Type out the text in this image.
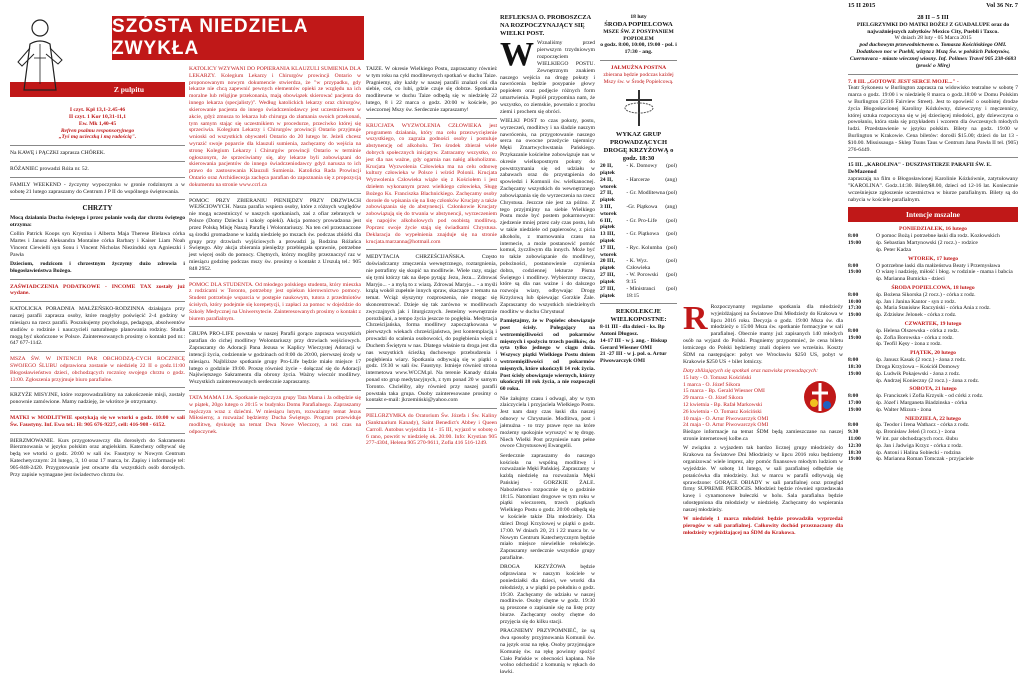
SZÓSTA NIEDZIELA ZWYKŁA
Z pulpitu
I czyt. Kpł 13,1-2.45-46
II czyt. 1 Kor 10,31-11,1
Ew. Mk 1,40-45
Refren psalmu responsoryjnego
„Tyś mą ucieczką i mą radością".

Na KAWĘ i PĄCZKI zaprasza CHÓREK.

RÓŻANIEC prowadzi Róża nr. 52.

FAMILY WEEKEND - życzymy wypoczynku w gronie rodzinnym a w sobotę 21 lutego zapraszamy do Centrum J P II do wspólnego świętowania.

CHRZTY

Mocą działania Ducha świętego i przez polanie wodą dar chrztu świętego otrzyma:

Collin Patrick Koops syn Krystina i Alberta Maja Therese Bielawa córka Martes i Janusz Aleksandra Montaine córka Barbary i Kaiser Liam Noah Vincent Ciewielli syn Sonu i Vincent Nicholas Niezindski syn Agnieszki i Pawła

Dzieciom, rodzicom i chrzestnym życzymy dużo zdrowia i błogosławieństwa Bożego.

ZAŚWIADCZENIA PODATKOWE - INCOME TAX zostały już wydane.

KATOLICKA PORADNIA MAŁŻEŃSKO-RODZINNA działająca przy naszej parafii zaprasza osoby, które mogłyby poświęcić 2-4 godziny w miesiącu na rzecz parafii. Poszukujemy psychologa, pedagoga, absolwentów studiów o rodzinie i nauczycieli naturalnego planowania rodziny. Studia mogą być ukończone w Polsce. Zainteresowanych prosimy o kontakt pod nr.: 647 677-1142.

MSZA ŚW. W INTENCJI PAR OBCHODZĄ-CYCH ROCZNICĘ SWOJEGO ŚLUBU odprawiona zostanie w niedzielę 22 II o godz.11:00 Błogosławieństwo dzieci, obchodzących rocznicę swojego chrztu o godz. 13:00. Zgłoszenia przyjmuje biuro parafialne.

KRZYŻE MISYJNE, które rozprowadzaliśmy na zakończenie misji, zostały ponownie zamówione. Mamy nadzieję, że wkrótce je otrzymamy.

MATKI w MODLITWIE spotykają się we wtorki o godz. 10:00 w sali Św. Faustyny. Inf. Ewa tel.: H: 905 676-9227, cell: 416-908 - 6152.

BIERZMOWANIE. Kurs przygotowawczy dla dorosłych do Sakramentu Bierzmowania w języku polskim oraz angielskim. Katechezy odbywać się będą we wtorki o godz. 20:00 w sali św. Faustyny w Nowym Centrum Katechetycznym: 24 lutego, 3, 10 oraz 17 marca, br. Zapisy i informacje tel: 905-848-2420. Przygotowanie jest otwarte dla wszystkich osób dorosłych. Przy zapisie wymagane jest świadectwo chrztu św.

KATOLICY WZYWANI DO POPIERANIA KLAUZULI SUMIENIA DLA LEKARZY. Kolegium Lekarzy i Chirurgów prowincji Ontario w proponowanym nowym dokumencie stwierdza, że "w przypadku, gdy lekarze nie chcą zapewnić pewnych elementów opieki ze względu na ich moralne lub religijne przekonania, mają obowiązek skierować pacjenta do innego lekarza (specjalisty)". Według katolickich lekarzy oraz chirurgów, skierowanie pacjenta do innego świadczeniodawcy jest uczestnictwem w akcie, gdyż zmusza to lekarza lub chirurga do złamania swoich przekonań, tym samym stając się uczestnikiem w procedurze, przeciwko której się sprzeciwia. Kolegium Lekarzy i Chirurgów prowincji Ontario przyjmuje wnioski od wszystkich obywateli Ontario do 20 lutego br. Jeżeli chcesz wyrazić swoje poparcie dla klauzuli sumienia, zachęcamy do wejścia na stronę Kolegium Lekarzy i Chirurgów prowincji Ontario w terminie ogłoszonym, że sprzeciwiamy się, aby lekarze byli zobowiązani do skierowania pacjentów do innego świadczeniodawcy gdyż narusza to ich prawo do zastosowania Klauzuli Sumienia. Katolicka Rada Prowincji Ontario oraz Archidiecezja zachęca parafian do zapoznania się z propozycją dokumentu na stronie www.ccrl.ca

POMOC PRZY ZBIERANIU PIENIĘDZY PRZY DRZWIACH WEJŚCIOWYCH. Nasza parafia wspiera osoby, które z różnych względów nie mogą uczestniczyć w naszych spotkaniach, zaś z ofiar zebranych w Polsce (Domy Dziecka i szkoły opieki). Akcja pomocy prowadzona jest przez Polską Misję Naszą Parafię i Wolontariuszy. Na ten cel przeznaczone są środki gromadzone w każdą niedzielę po mszach św. podczas zbiórki dla grupy przy drzwiach wyjściowych a prowadzi ją Rodzina Różańca Świętego. Aby akcja zbierania pieniędzy przebiegała sprawnie, potrzebne jest więcej osób do pomocy. Chętnych, którzy mogliby przeznaczyć raz w miesiącu godzinę podczas mszy św. prosimy o kontakt z Urszulą tel.: 905 848 2952.

POMOC DLA STUDENTA. Od młodego polskiego studenta, który mieszka z rodzicami w Toronto, potrzebny jest opiekun kierownictwo pomocy. Student potrzebuje wsparcia w postępie naukowym, tutora z przedmiotów ścisłych, który podejmie się korepetycji, i zapłaci za pomoc w dojeździe do Szkoły Medycznej na Uniwersytecie. Zainteresowanych prosimy o kontakt z biurem parafialnym.

GRUPA PRO-LIFE powstała w naszej Parafii gorąco zaprasza wszystkich parafian do cichej modlitwy Wolontariuszy przy drzwiach wejściowych. Zapraszamy do Adoracji Pana Jezusa w Kaplicy Wieczystej Adoracji w intencji życia, codziennie w godzinach od 8:00 do 20:00, pierwszej środy w miesiącu. Najbliższe spotkanie grupy Pro-Life będzie miało miejsce 17 lutego o godzinie 19:00. Proszę również życie - dołączać się do Adoracji Najświętszego Sakramentu dla obrony życia. Ważny wieczór modlitwy. Wszystkich zainteresowanych serdecznie zapraszamy.

TATA MAMA I JA. Spotkanie mężczyzn grupy Tata Mama i Ja odbędzie się w piątek, 20go lutego o 20:15 w budynku Domu Parafialnego. Zapraszamy mężczyzn wraz z dziećmi. W miesiącu lutym, rozważamy temat Jezus Miłosierny, a rozważać będziemy Ducha Świętego. Program przewiduje modlitwę, dyskusję na temat Dwa Nowe Wieczory, a też czas na odpoczynek.

TAIZE. W okresie Wielkiego Postu, zapraszamy również w tym roku na cykl modlitewnych spotkań w duchu Taize. Pragniemy, aby każdy w naszej parafii znalazł coś dla siebie, coś, co lubi, gdzie czuje się dobrze. Spotkania modlitewne w duchu Taize odbędą się w niedzielę 22 lutego, 8 i 22 marca o godz. 20:00 w kościele, po wieczornej Mszy św. Serdecznie zapraszamy!

KRUCJATA WYZWOLENIA CZŁOWIEKA jest programem działania, który ma celu przezwyciężenie wszystkiego, co zagraża godności osoby i postuluje abstynencję od alkoholu. Ten środek zbierał wiele dobrych społecznych inicjatyw. Zatracamy wszystko, co jest dla nas ważne, gdy ogarnia nas nałóg alkoholizmu. Krucjata Wyzwolenia Człowieka ma na celu odnowę kultury człowieka w Polsce i wśród Polonii. Krucjata Wyzwolenia Człowieka wiąże się z Kościołem i jest dziełem wykonanym przez wielkiego człowieka, Sługę Bożego Ks. Franciszka Blachnickiego. Zachęcamy osoby dorosłe do wpisania się na listę członków Krucjaty a także zobowiązania się do abstynencji. Członkowie Krucjaty zobowiązują się do trwania w abstynencji, wyrzeczeniem się napojów alkoholowych pod osobistą modlitwą. Poprzez swoje życie stają się świadkami Chrystusa. Deklaracja do wypełnienia znajduje się na stronie krucjata.marzanna@hotmail.com

MEDYTACJA CHRZEŚCIJAŃSKA. Często doświadczamy zmęczenia wewnętrznego, roztargnienia, nie potrafimy się skupić na modlitwie. Wiele razy, stając się tymi którzy tak na ślepo pytają: Jezu, Jezu... Zdrowaś Maryjo... - a mylą to z wiarą. Zdrowaś Maryjo... - a myśli krążą wokół zupełnie innych spraw, skaczące z tematu na temat. Wciąż słyszymy rozproszenia, nie mogąc się skoncentrować. Dzieje się tak zarówno w modlitwach zwyczajnych jak i liturgicznych. Jesteśmy wewnętrznie porozbijani, a tempo życia jeszcze to pogłębia. Medytacja Chrześcijańska, forma modlitwy zapoczątkowana w pierwszych wiekach chrześcijaństwa, jest kontemplacją i prowadzi do scalenia osobowości, do pogłębienia więzi z Duchem Świętym w nas. Dlatego właśnie ta droga jest dla nas wszystkich ścieżką duchowego przebudzenia i pogłębienia wiary. Spotkania odbywają się w piątki o godz. 19:30 w sali św. Faustyny. Istnieje również strona internetowa www.WCCM.pl. Na terenie Kanady działa ponad sto grup medytacyjnych, z tym ponad 20 w samym Toronto. Chcieliby, aby również przy naszej parafii powstała taka grupa. Osoby zainteresowane prosimy o kontakt e-mail: jkrzemiński@yahoo.com

PIELGRZYMKA do Oratorium Św. Józefa i Św. Kaliny (Sanktuarium Kanady), Saint Benedict's Abbey i Queen Carroll. Autobus wyjeżdża 14 - 15 III, wyjazd w sobotę o 6 rano, powrót w niedzielę ok. 20:00. Info: Krystian 905 277-4304, Helena 905 270-9611, Zofia 416 516-1249.

REFLEKSJA O. PROBOSZCZA NA ROZPOCZYNAJĄCY SIĘ WIELKI POST.

W Wznaliśmy przed pierwszym trzydniowym rozpoczęciem WIELKIEGO POSTU. Zewnętrznym znakiem naszego wejścia na drogę pokuty i nawrócenia będzie posypanie głowy popiołem oraz podjęcie różnych form umartwienia. Popiół przypomina nam, że wszystko, co ziemskie, powstało z prochu ziemi i prochem się obróci.

WIELKI POST to czas pokuty, postu, wyrzeczeń, modlitwy i na śladzie naszym nawróceniu, na przygotowanie naszego serca na owocne przeżycie tajemnicy Męki Zmartwychwstania Pańskiego. Przykazanie kościelne zobowiązuje nas w okresie wielkopostnym pokuty do powstrzymania się od udziału w zabawach oraz do przystąpienia do spowiedzi i Komunii św. wielkanocnej. Zachęcamy wszystkich do wewnętrznego zobowiązania się do wyrzeczenia na rzecz Chrystusa. Jeszcze nie jest za późno. Z tego przyjmijmy na siebie Wielkiego Postu może być postem pokarmowym: zjedzenie mniej przez cały czas postu, lub w takie niedziele od papierosów, z picia alkoholu, z marnowania czasu na internecie, a może postanowić pomóc komuś, życzliwym dla innych. Może być to także zobowiązanie do modlitwy, pobożności, postanowienie czynienia dobra, codziennej lekturze Pisma Świętego i modlitwy. Wybierzmy rzeczy, które są dla nas ważne i do dalszego rozwoju wiary, odbywając Drogę Krzyżową lub śpiewając Gorzkie Żale. Zapraszamy do wszystkich niedzielnych modlitw w duchu Chrystusa!

Pamiętajmy, że w Popielec obowiązuje post ścisły. Polegający na wstrzemięźliwości od pokarmów mięsnych i spożyciu trzech posiłków, do syta tylko jednego w ciągu dnia. Wszyscy piątki Wielkiego Postu dniem wstrzemięźliwości od pokarmów mięsnych, które ukończyli 14 rok życia. Post ścisły obowiązuje wiernych, którzy ukończyli 18 rok życia, a nie rozpoczęli 60 roku.

Nie żałujmy czasu i odwagi, aby w tym zlaiczyciela i przyjaciela Wielkiego Postu. Jest nam dany czas łaski dla naszej odnowy w Chrystusie. Modlitwa, post i jałmużna - to trzy prawe ręce na które możemy spokojnie wyruszyć w tę drogę. Niech Wielki Post przyniesie nam pełne owoce Chrystusowej Ewangelii.

Serdecznie zapraszamy do naszego kościoła na wspólną modlitwę i rozważanie Męki Pańskiej. Zapraszamy w każdą niedzielę na rozważania Męki Pańskiej - GORZKIE ŻALE. Nabożeństwo rozpocznie się o godzinie 18:15. Natomiast drogowe w tym roku w piątki wieczorem, trzech piątkach Wielkiego Postu o godz. 20:00 odbędą się w kościele także Dla młodzieży. Dla dzieci Drogi Krzyżowej w piątki o godz. 17:00. W dniach 20, 21 i 22 marca br. w Nowym Centrum Katechetycznym będzie miało miejsce niewielkie rekolekcje. Zapraszamy serdecznie wszystkie grupy parafialne.

DROGA KRZYŻOWA będzie odprawiana w naszym kościele w poniedziałki dla dzieci, we wtorki dla młodzieży, a w piątki po południu o godz. 19:30. Zachęcamy do udziału w naszej modlitwie. Osoby chętne w godz. 19:30 są proszone o zapisanie się na listę przy biurze. Zachęcamy osoby chętne do przyjęcia się do kilku stacji.

PRAGNIEMY PRZYPOMNIEĆ, że są dwa sposoby przyjmowania Komunii św. na język oraz na rękę. Osoby przyjmujące Komunię św. na rękę powinny spożyć Ciało Pańskie w obecności kapłana. Nie wolno odchodzić z komunią w rękach do ławki.

18 luty
ŚRODA POPIELCOWA
MSZE ŚW. Z POSYPANIEM POPIOŁEM
o godz. 8:00, 10:00, 19:00 - pol. i 17:30 - ang.
JAŁMUŻNA POSTNA
zbierana będzie podczas każdej Mszy św. w Środę Popielcową.
WYKAZ GRUP PROWADZĄCYCH DROGĘ KRZYŻOWĄ o godz. 18:30
20 II, piątek	- K. Domowy	(pol)
24 II, wtorek	- Harcerze	(ang)
27 II, piątek	- Gr. Modlitewna	(pol)
3 III, wtorek	-Gr. Piątkowa	(ang)
6 III, piątek	- Gr. Pro-Life	(pol)
13 III, piątek	- Gr. Piątkowa	(pol)
17 III, wtorek	- Ryc. Kolumba	(pol)
20 III, piątek	- K. Wyz. Człowieka	(pol)
27 III, piątek	- W. Porowski 9:15	(pol)
27 III, piątek	- Ministranci 18:15	(pol)
REKOLEKCJE WIELKOPOSTNE:
8-11 III - dla dzieci - ks. Bp Antoni Długosz.
14-17 III - w j. ang. - Biskup Gerard Wiesner OMI
21 -27 III - w j. pol. o. Artur Piwowarczyk OMI

R Rozpoczynamy regularne spotkania dla młodzieży wyjeżdżającej na Światowe Dni Młodzieży do Krakowa w lipcu 2016 roku. Decyzja o godz. 19:00 Msza św. dla młodzieży o 15:00 Msza św. spotkanie formacyjne w sali parafialnej. Obecnie mamy już zapisanych 140 młodych osób na wyjazd do Polski. Pragniemy przypomnieć, że cena biletu lotniczego do Polski będziemy znali dopiero we wrześniu. Koszty ŚDM na następujące: pobyt we Wrocławiu $250 US, pobyt w Krakowie $250 US + bilet lotniczy.

Daty zbliżających się spotkań oraz nazwiska prowadzących:
15 luty - O. Tomasz Kościński
1 marca - O. Józef Sikora
15 marca - Bp. Gerald Wiesner OMI
29 marca - O. Józef Sikora
12 kwietnia - Bp. Rafał Markowski
26 kwietnia - O. Tomasz Kościński
10 maja - O. Artur Piwowarczyk OMI
24 maja - O. Artur Piwowarczyk OMI

Bieżące informacje na temat ŚDM będą zamieszczane na naszej stronie internetowej kolbe.ca

W związku z wyjazdem tak bardzo licznej grupy młodzieży do Krakowa na Światowe Dni Młodzieży w lipcu 2016 roku będziemy organizować wiele imprez, aby pomóc finansowo młodym ludziom w wyjeździe. W sobotę 14 lutego, w sali parafialnej odbędzie się potańcówka dla młodzieży. Już w marcu w parafii odbywają się sprawdzone: GORĄCE OBIADY w sali parafialnej oraz przegląd firmy SUPREME PIEROGIS. Młodzież będzie również sprzedawała kawę i cynamonowe bułeczki w holu. Sala parafialna będzie udostępniona dla młodzieży w niedzielę. Zachęcamy do wspierania naszej młodzieży.

W niedzielę 1 marca młodzież będzie prowadziła wyprzedaż pierogów w sali parafialnej. Całkowity dochód przeznaczony dla młodzieży wyjeżdżającej na ŚDM do Krakowa.

28 II – 5 III
PIELGRZYMKI DO MATKI BOŻEJ Z GUADALUPE oraz do najważniejszych zabytków Mexico City, Puebli i Taxco.
W dniach 28 luty - 05 Marca 2015
pod duchowym przewodnictwem o. Tomasza Kościńskiego OMI. Dodatkowo noc w Puebli, wizyta z Mszą Św. w polskich Palotynów, Cuernavaca - miasto wiecznej wiosny. Inf. Polimex Travel 905 238-6683 (prosić o Mirę)
7. 8 III. „GOTOWE JEST SERCE MOJE..." -

Teatr Sykonesu w Burlington zaprasza na widowisko teatralne w sobotę 7 marca o godz. 19:00 i w niedzielę 8 marca o godz.18:00 w Domu Polskim w Burlington (2316 Fairview Street). Jest to opowieść o osobistej drodze życia Błogosławionej Karoliny Kózkówny, dziewczyny i męczennicy, której sztuka rozpoczyna się w jej dziecięcej młodości, gdy dziewczyna o powołaniu, która stała się przykładem i wzorem dla ówczesnych młodych ludzi. Przedstawienie w języku polskim. Bilety na godz. 19:00 w Burlington w Krakowie. Cena biletów: dorośli $15.00; dzieci do lat 13 - $10.00. Mississauga - Sklep Tsuns Taus w Centrum Jana Pawła II tel. (905) 276-6449.

15 III. „KAROLINA" - DUSZPASTERZE PARAFII ŚW. E. DeMazenod

zapraszają na film o Błogosławionej Karolinie Kózkównie, zatytułowany "KAROLINA". Godz.14:30. Bilety$8.00, dzieci od 12-16 lat. Koniecznie wcześniejsze zgłoszenie uczestnictwa w biurze parafialnym. Bilety są do nabycia w kościele parafialnym.

Intencje mszalne
PONIEDZIAŁEK, 16 lutego
8:00	O pomoc Bożą i potrzebne łaski dla rodz. Kozłowskich
19:00	śp. Sebastian Martynowski (2 rocz.) - rodzice
	śp. Peter Kadza
WTOREK, 17 lutego
8:00	O potrzebne łaski dla małżeństwa Beaty i Przemysława
19:00	O wiarę i nadzieję, miłość i błog. w rodzinie - mama i babcia
	śp. Marianna Bumicka - dzieci
ŚRODA POPIELCOWA, 18 lutego
8:00	śp. Bożena Sikorska (2 rocz.) - córka z rodz.
10:00	śp. Jan i Janina Kantor - syn z rodz.
17:30	śp. Maria Stanisław Raczyński - córka Ania z rodz.
19:00	śp. Zdzisław Jelonek - córka z rodz.
CZWARTEK, 19 lutego
8:00	śp. Helena Olszewska - córka z rodz.
19:00	śp. Zofia Borowska - córka z rodz.
	śp. Teofil Kęsy - żona z rodz.
PIĄTEK, 20 lutego
8:00	śp. Janusz Kasak (2 rocz.) - żona z rodz.
18:30	Droga Krzyżowa – Kościół Domowy
19:00	śp. Ludwik Pokajewski - żona z rodz.
	śp. Andrzej Konieczny (2 rocz.) - żona z rodz.
SOBOTA, 21 lutego
8:00	śp. Franciszek i Zofia Krzysik - od córki z rodz.
17:00	śp. Józef i Marganeta Biadzinska - córka
19:00	śp. Walter Mizura - żona
NIEDZIELA, 22 lutego
8:00	śp. Teodor i Irena Wathacz - córka z rodz.
9:30	śp. Bronisław Jeleń (3 rocz.) - żona
11:00	W int. par obchodzących rocz. ślubu
12:30	śp. Jan i Jadwiga Krzyz - córka z rodz.
18:30	śp. Antoni i Halina Sobiecki - rodzina
19:00	śp. Marianna Roman Tomczak - przyjaciele
15 II 2015	Vol 36 Nr. 7
